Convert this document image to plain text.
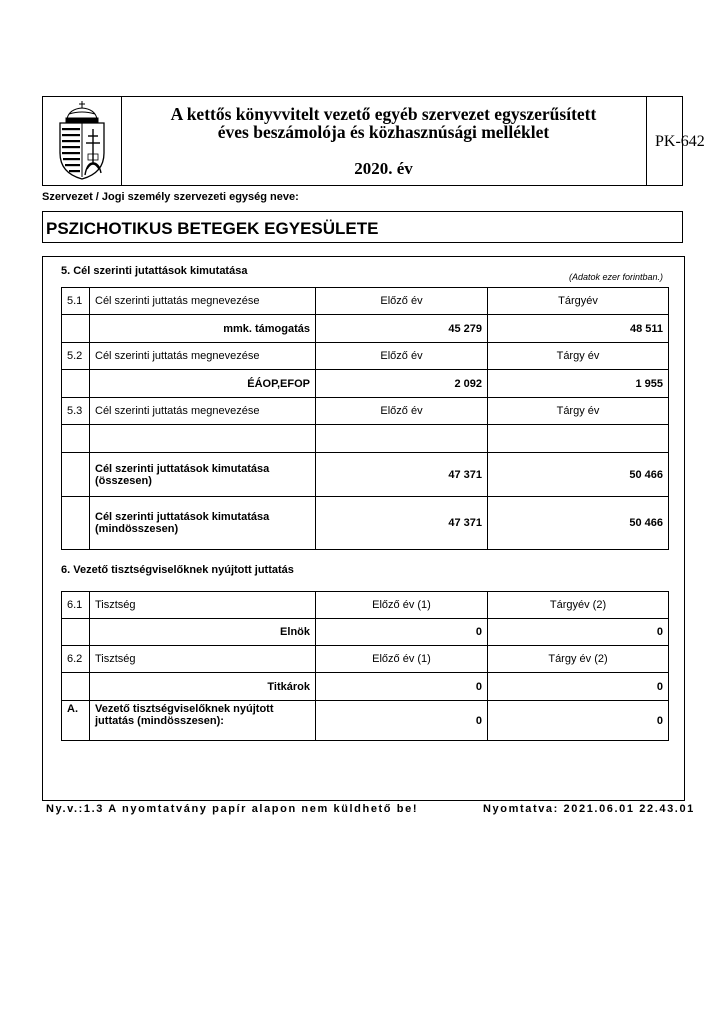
A kettős könyvvitelt vezető egyéb szervezet egyszerűsített
éves beszámolója és közhasznúsági melléklet
2020. év
PK-642
Szervezet / Jogi személy szervezeti egység neve:
PSZICHOTIKUS BETEGEK EGYESÜLETE
5. Cél szerinti jutattások kimutatása	(Adatok ezer forintban.)
5.1	Cél szerinti juttatás megnevezése	Előző év	Tárgyév
	mmk. támogatás	45 279	48 511
5.2	Cél szerinti juttatás megnevezése	Előző év	Tárgy év
	ÉÁOP,EFOP	2 092	1 955
5.3	Cél szerinti juttatás megnevezése	Előző év	Tárgy év

	Cél szerinti juttatások kimutatása (összesen)	47 371	50 466
	Cél szerinti juttatások kimutatása (mindösszesen)	47 371	50 466
6. Vezető tisztségviselőknek nyújtott juttatás
6.1	Tisztség	Előző év (1)	Tárgyév (2)
	Elnök	0	0
6.2	Tisztség	Előző év (1)	Tárgy év (2)
	Titkárok	0	0
A.	Vezető tisztségviselőknek nyújtott juttatás (mindösszesen):	0	0
Ny.v.:1.3 A nyomtatvány papír alapon nem küldhető be!	Nyomtatva: 2021.06.01 22.43.01
